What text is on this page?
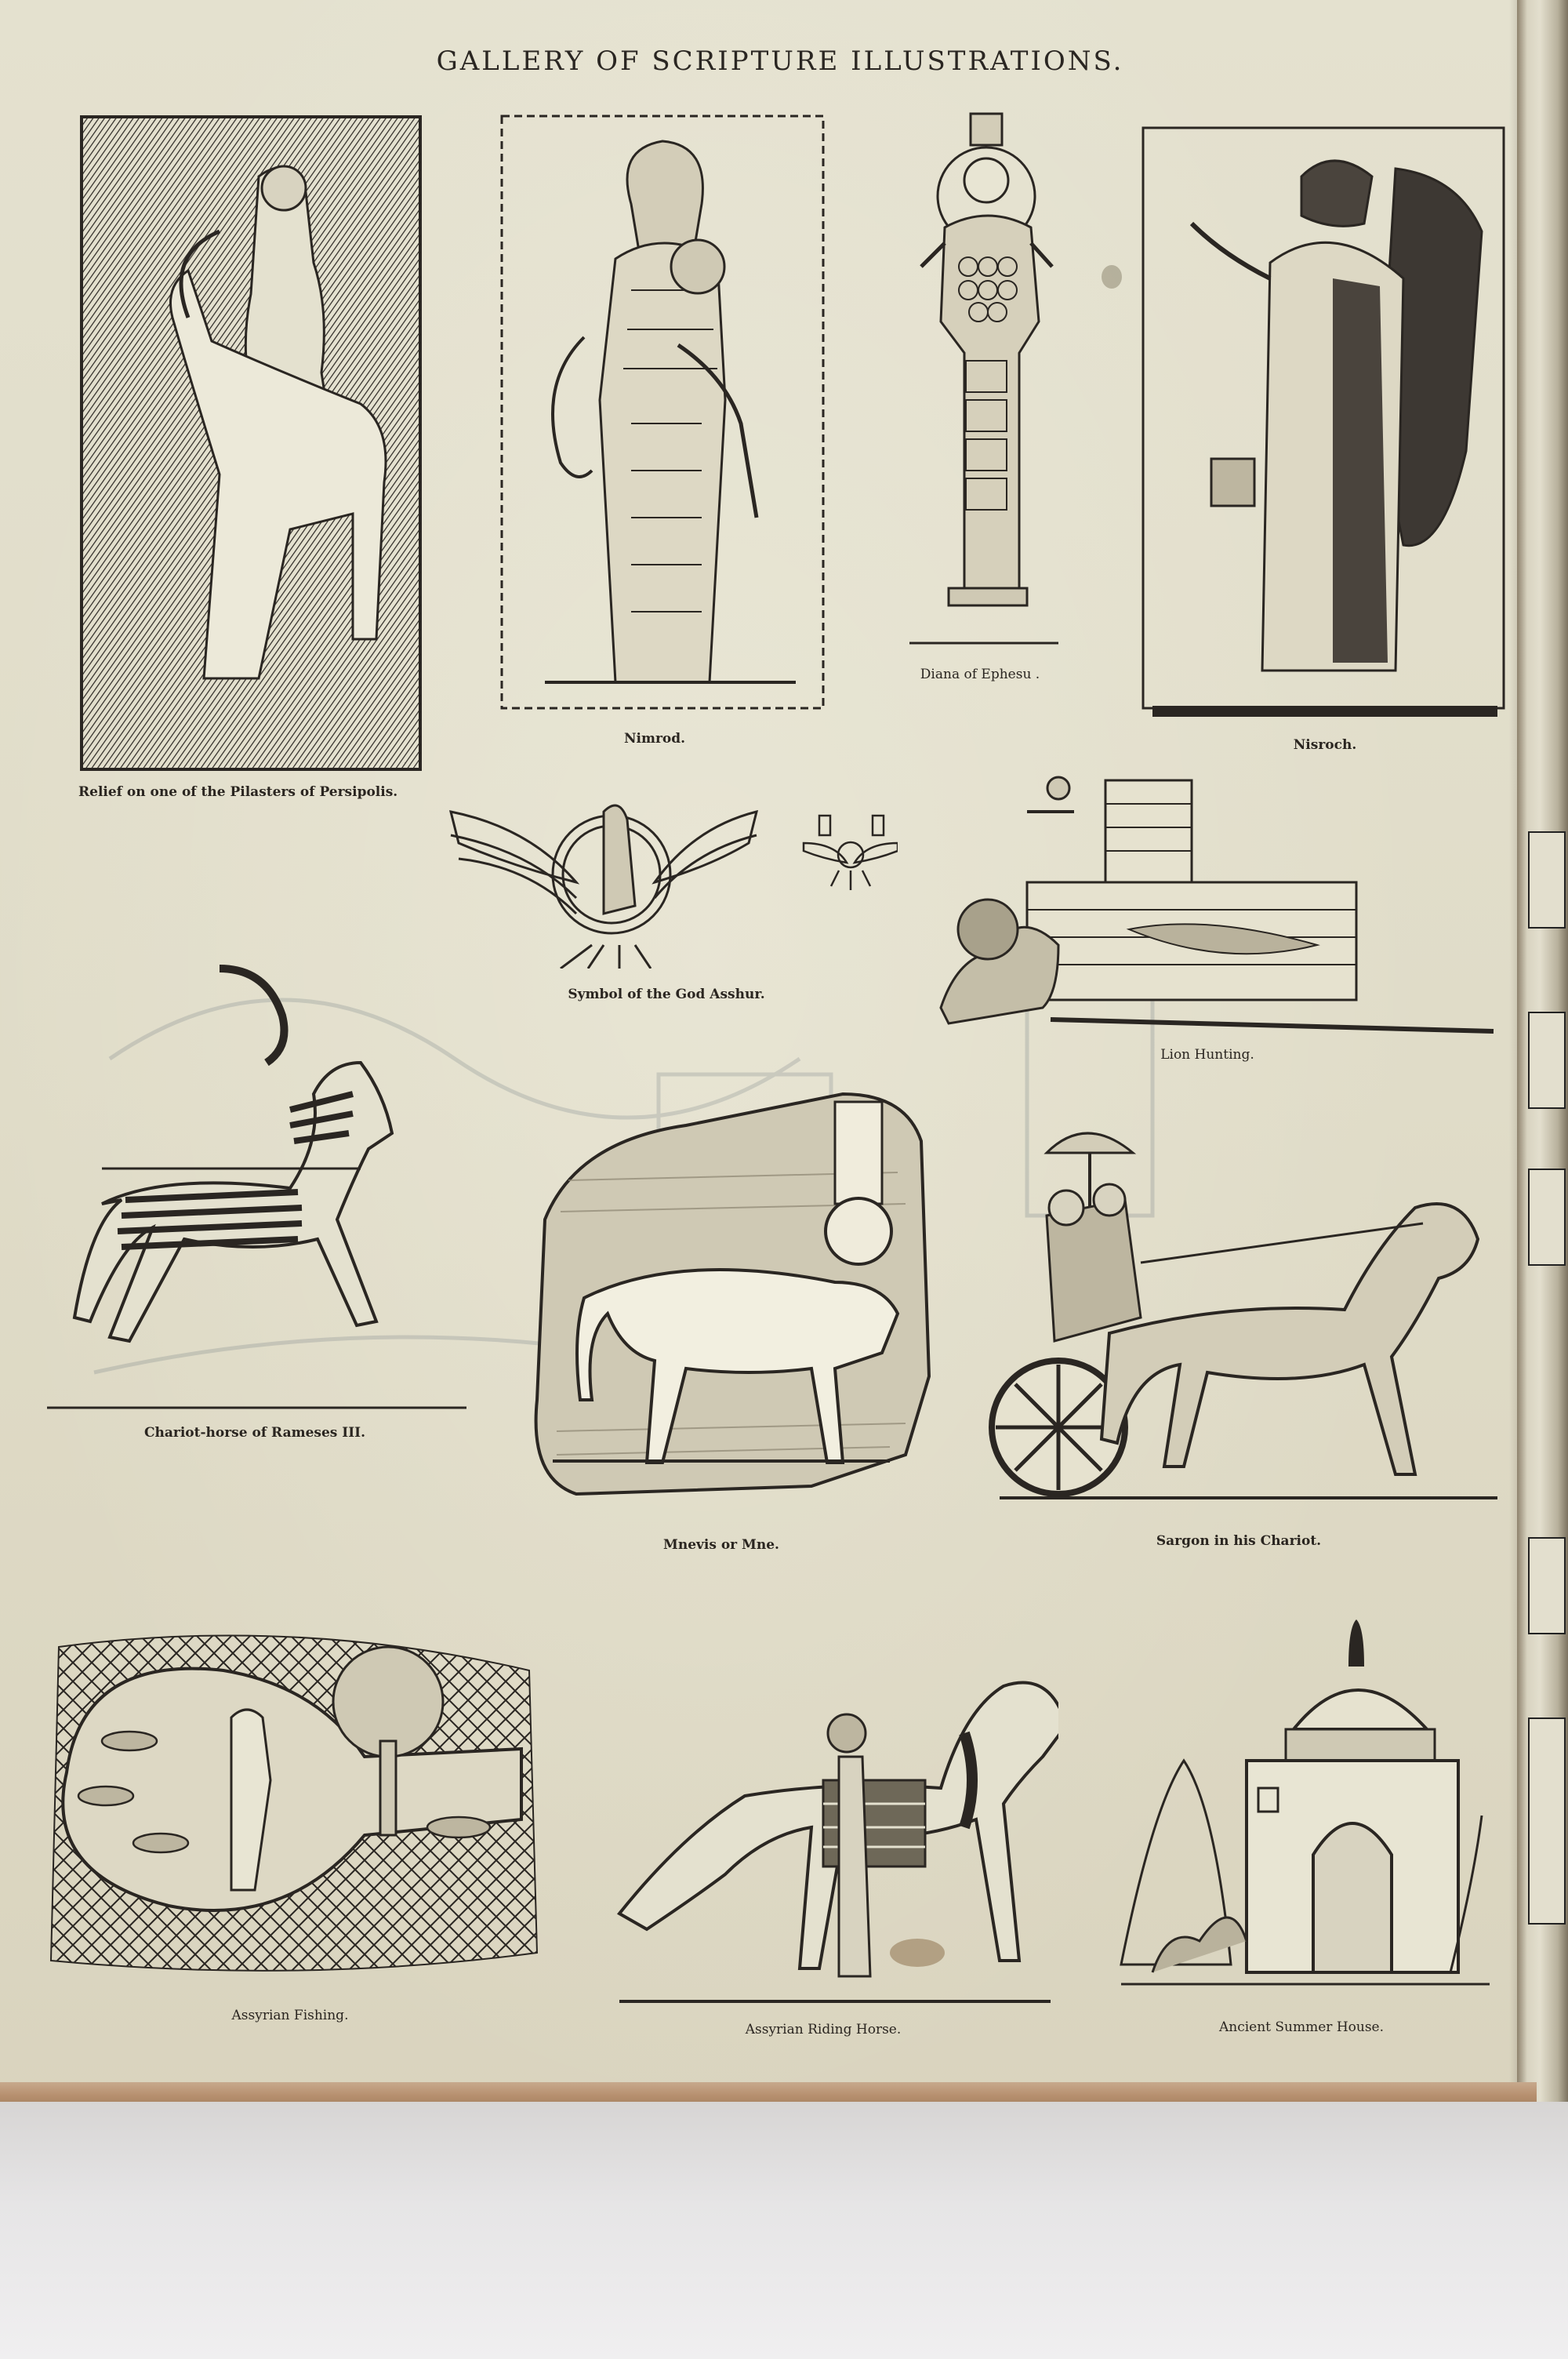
GALLERY OF SCRIPTURE ILLUSTRATIONS.
Relief on one of the Pilasters of Persipolis.
Nimrod.
Diana of Ephesu .
Nisroch.
Symbol of the God Asshur.
Lion Hunting.
Chariot-horse of Rameses III.
Mnevis or Mne.	Sargon in his Chariot.
Assyrian Fishing.
Assyrian Riding Horse.	Ancient Summer House.
